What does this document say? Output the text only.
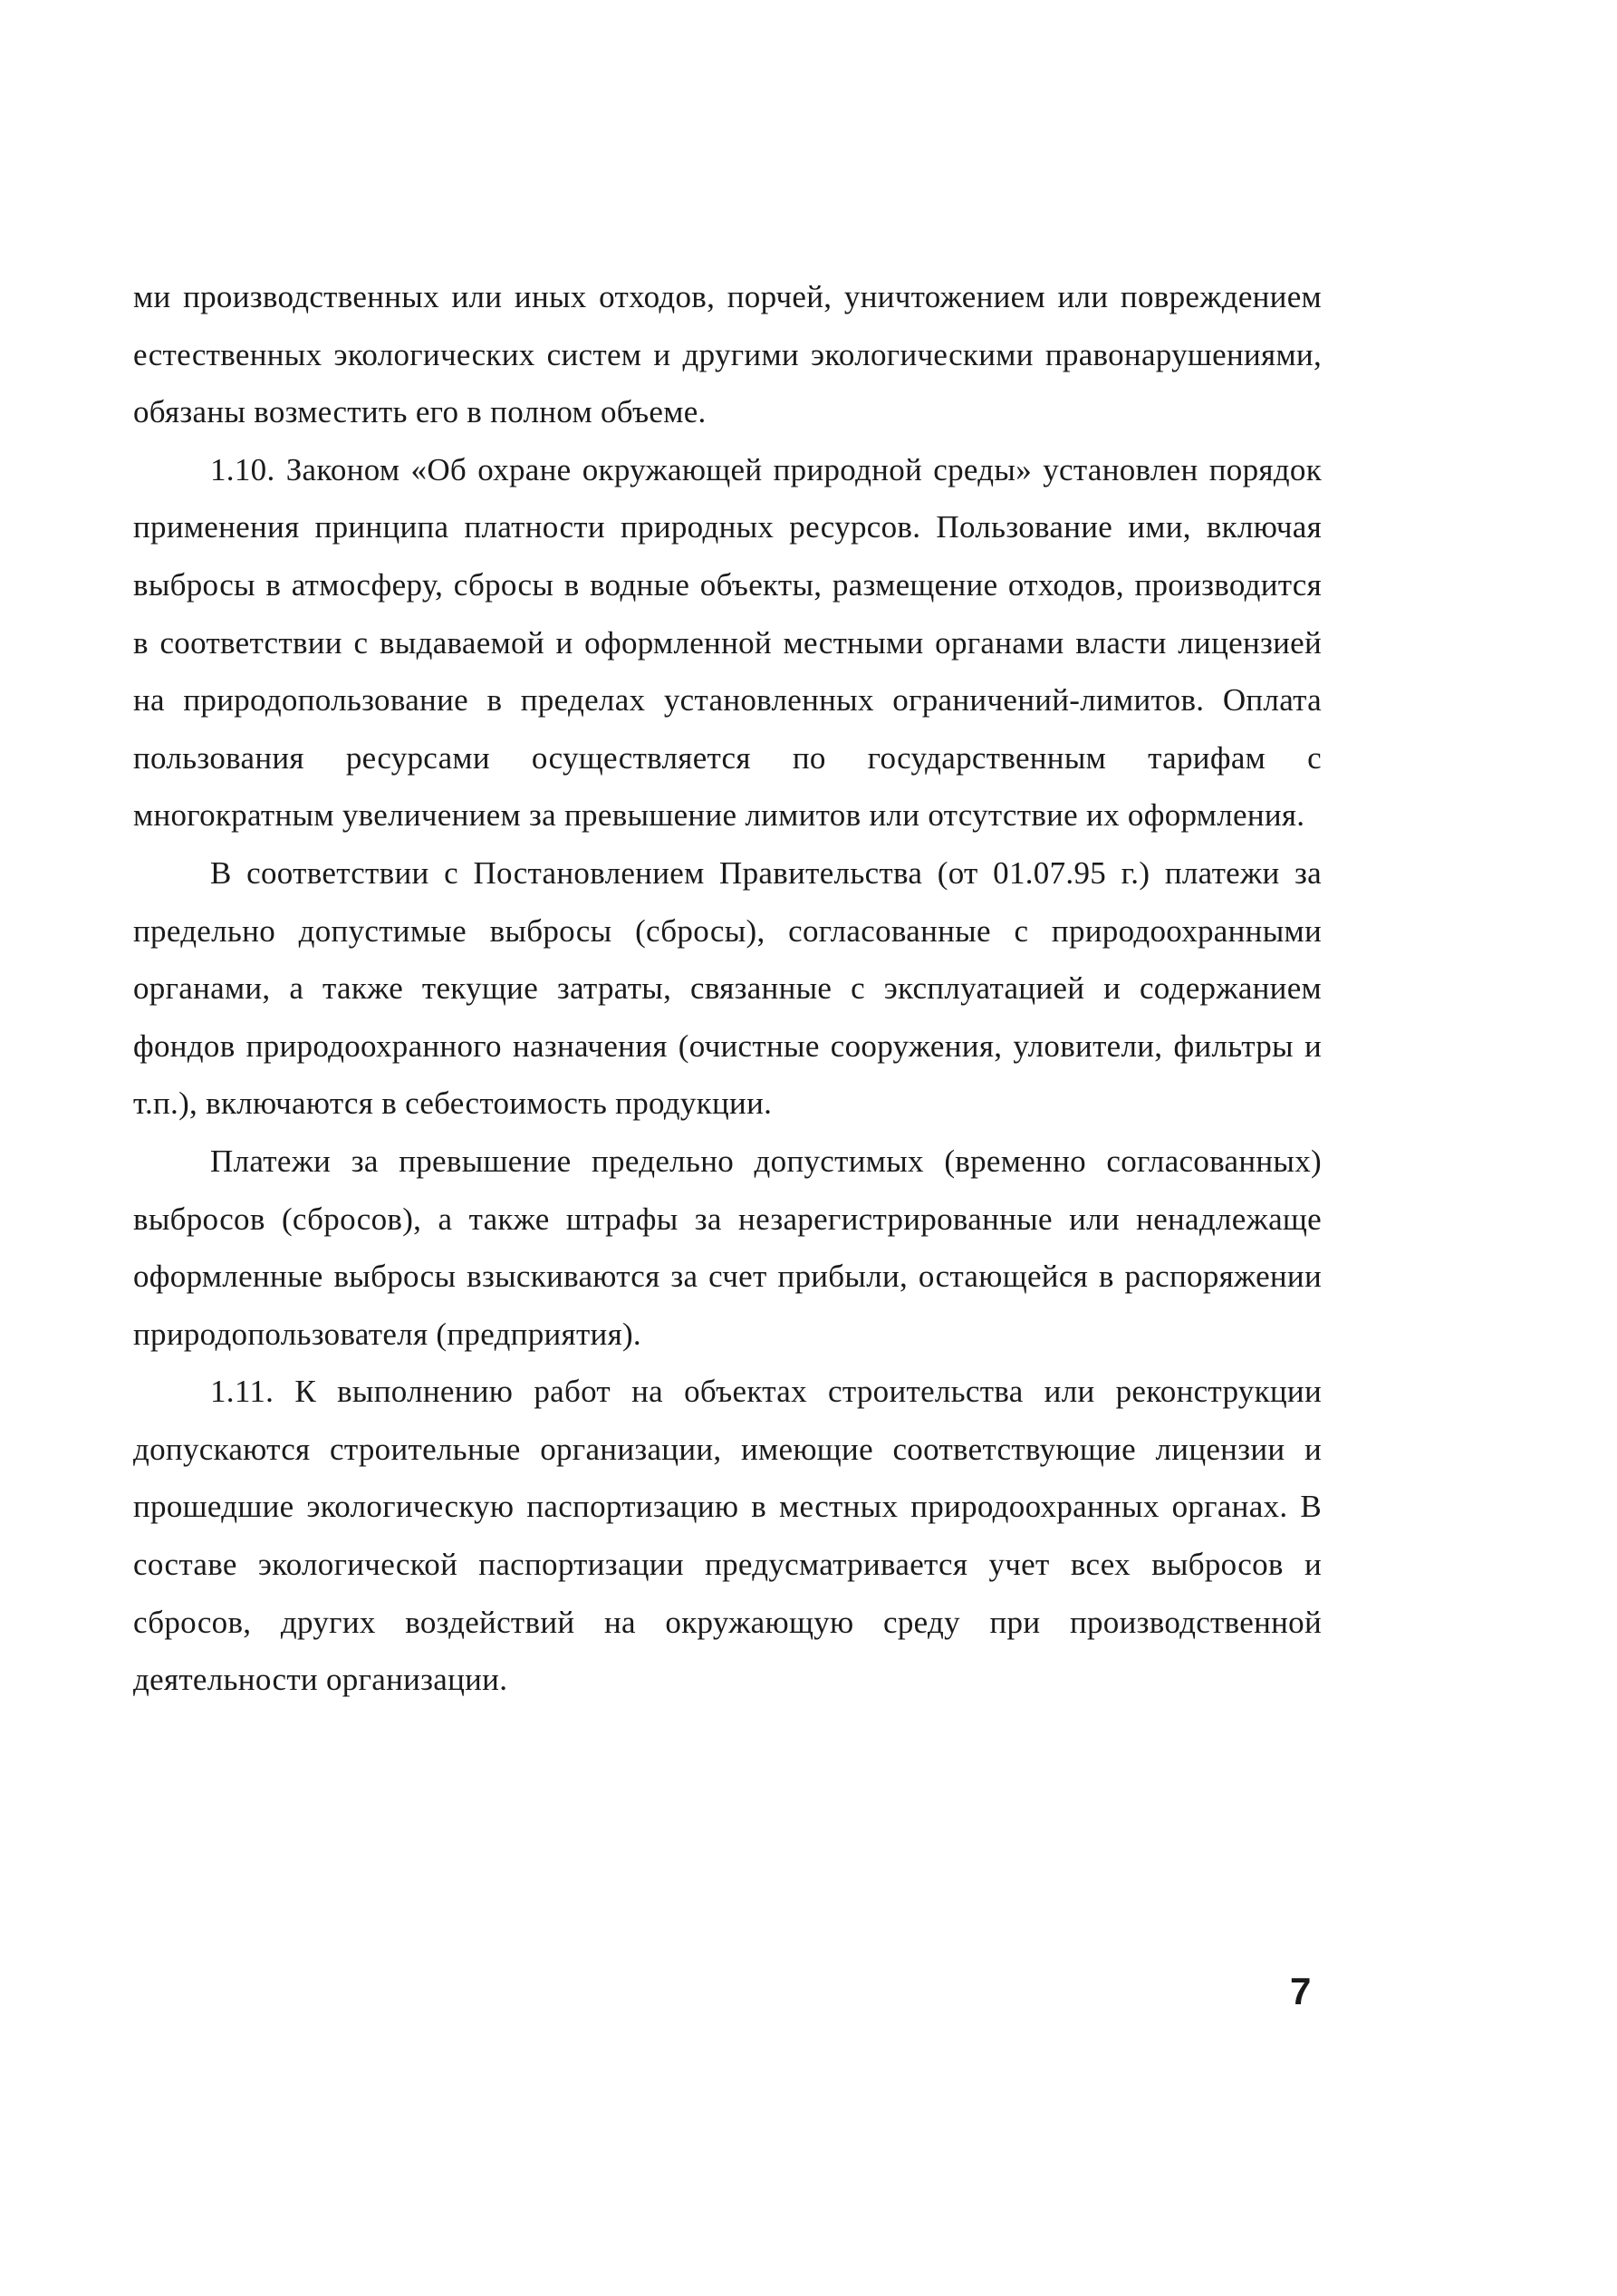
ми производственных или иных отходов, порчей, уничтожением или повреждением естественных экологических систем и другими экологическими правонарушениями, обязаны возместить его в полном объеме.

1.10. Законом «Об охране окружающей природной среды» установлен порядок применения принципа платности природных ресурсов. Пользование ими, включая выбросы в атмосферу, сбросы в водные объекты, размещение отходов, производится в соответствии с выдаваемой и оформленной местными органами власти лицензией на природопользование в пределах установленных ограничений-лимитов. Оплата пользования ресурсами осуществляется по государственным тарифам с многократным увеличением за превышение лимитов или отсутствие их оформления.

В соответствии с Постановлением Правительства (от 01.07.95 г.) платежи за предельно допустимые выбросы (сбросы), согласованные с природоохранными органами, а также текущие затраты, связанные с эксплуатацией и содержанием фондов природоохранного назначения (очистные сооружения, уловители, фильтры и т.п.), включаются в себестоимость продукции.

Платежи за превышение предельно допустимых (временно согласованных) выбросов (сбросов), а также штрафы за незарегистрированные или ненадлежаще оформленные выбросы взыскиваются за счет прибыли, остающейся в распоряжении природопользователя (предприятия).

1.11. К выполнению работ на объектах строительства или реконструкции допускаются строительные организации, имеющие соответствующие лицензии и прошедшие экологическую паспортизацию в местных природоохранных органах. В составе экологической паспортизации предусматривается учет всех выбросов и сбросов, других воздействий на окружающую среду при производственной деятельности организации.

7
